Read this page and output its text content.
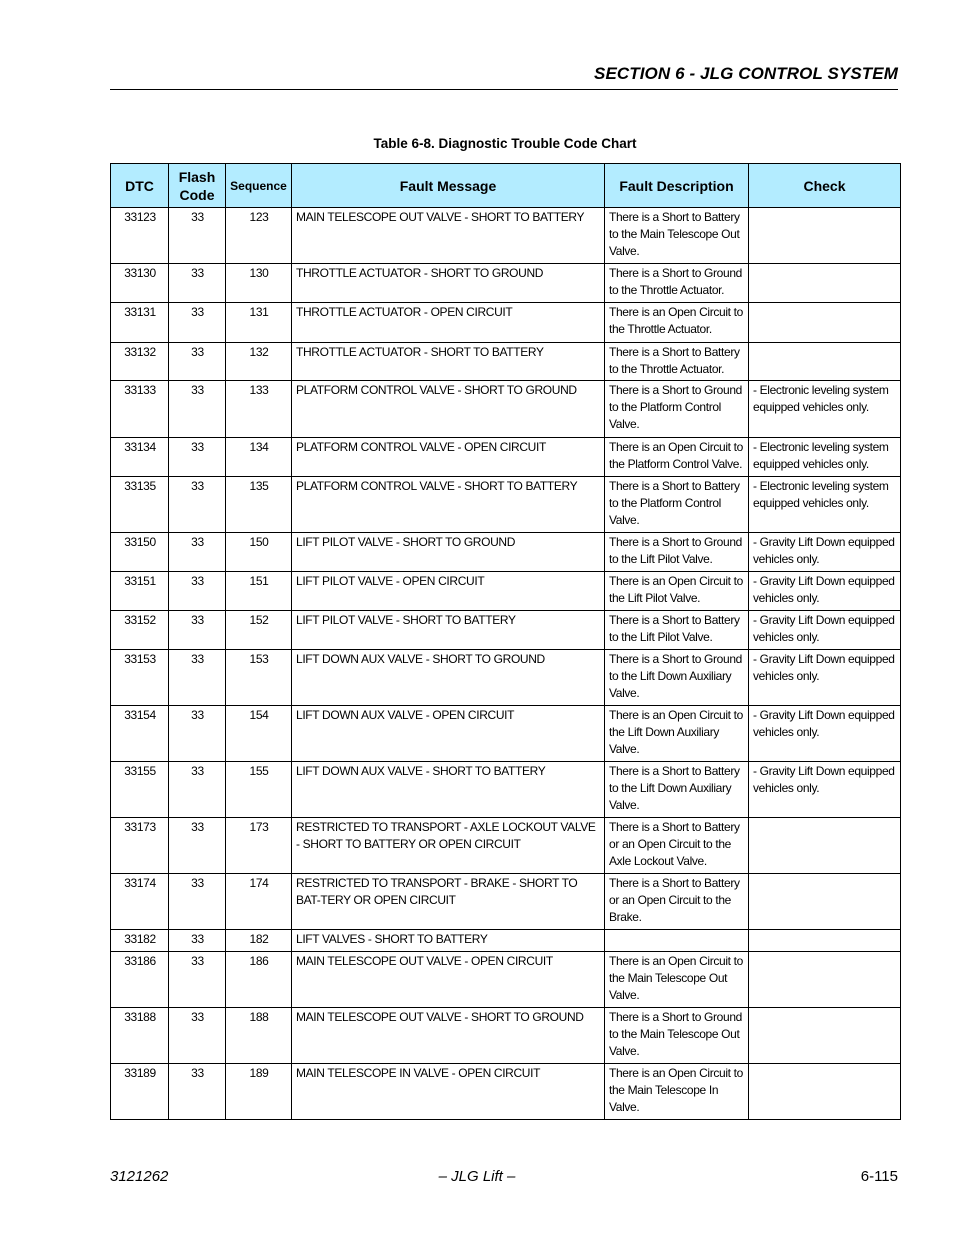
SECTION 6 - JLG CONTROL SYSTEM
Table 6-8. Diagnostic Trouble Code Chart
DTC	Flash Code	Sequence	Fault Message	Fault Description	Check
33123	33	123	MAIN TELESCOPE OUT VALVE - SHORT TO BATTERY	There is a Short to Battery to the Main Telescope Out Valve.	
33130	33	130	THROTTLE ACTUATOR - SHORT TO GROUND	There is a Short to Ground to the Throttle Actuator.	
33131	33	131	THROTTLE ACTUATOR - OPEN CIRCUIT	There is an Open Circuit to the Throttle Actuator.	
33132	33	132	THROTTLE ACTUATOR - SHORT TO BATTERY	There is a Short to Battery to the Throttle Actuator.	
33133	33	133	PLATFORM CONTROL VALVE - SHORT TO GROUND	There is a Short to Ground to the Platform Control Valve.	- Electronic leveling system equipped vehicles only.
33134	33	134	PLATFORM CONTROL VALVE - OPEN CIRCUIT	There is an Open Circuit to the Platform Control Valve.	- Electronic leveling system equipped vehicles only.
33135	33	135	PLATFORM CONTROL VALVE - SHORT TO BATTERY	There is a Short to Battery to the Platform Control Valve.	- Electronic leveling system equipped vehicles only.
33150	33	150	LIFT PILOT VALVE - SHORT TO GROUND	There is a Short to Ground to the Lift Pilot Valve.	- Gravity Lift Down equipped vehicles only.
33151	33	151	LIFT PILOT VALVE - OPEN CIRCUIT	There is an Open Circuit to the Lift Pilot Valve.	- Gravity Lift Down equipped vehicles only.
33152	33	152	LIFT PILOT VALVE - SHORT TO BATTERY	There is a Short to Battery to the Lift Pilot Valve.	- Gravity Lift Down equipped vehicles only.
33153	33	153	LIFT DOWN AUX VALVE - SHORT TO GROUND	There is a Short to Ground to the Lift Down Auxiliary Valve.	- Gravity Lift Down equipped vehicles only.
33154	33	154	LIFT DOWN AUX VALVE - OPEN CIRCUIT	There is an Open Circuit to the Lift Down Auxiliary Valve.	- Gravity Lift Down equipped vehicles only.
33155	33	155	LIFT DOWN AUX VALVE - SHORT TO BATTERY	There is a Short to Battery to the Lift Down Auxiliary Valve.	- Gravity Lift Down equipped vehicles only.
33173	33	173	RESTRICTED TO TRANSPORT - AXLE LOCKOUT VALVE - SHORT TO BATTERY OR OPEN CIRCUIT	There is a Short to Battery or an Open Circuit to the Axle Lockout Valve.	
33174	33	174	RESTRICTED TO TRANSPORT - BRAKE - SHORT TO BAT-TERY OR OPEN CIRCUIT	There is a Short to Battery or an Open Circuit to the Brake.	
33182	33	182	LIFT VALVES - SHORT TO BATTERY		
33186	33	186	MAIN TELESCOPE OUT VALVE - OPEN CIRCUIT	There is an Open Circuit to the Main Telescope Out Valve.	
33188	33	188	MAIN TELESCOPE OUT VALVE - SHORT TO GROUND	There is a Short to Ground to the Main Telescope Out Valve.	
33189	33	189	MAIN TELESCOPE IN VALVE - OPEN CIRCUIT	There is an Open Circuit to the Main Telescope In Valve.	
3121262	– JLG Lift –	6-115
